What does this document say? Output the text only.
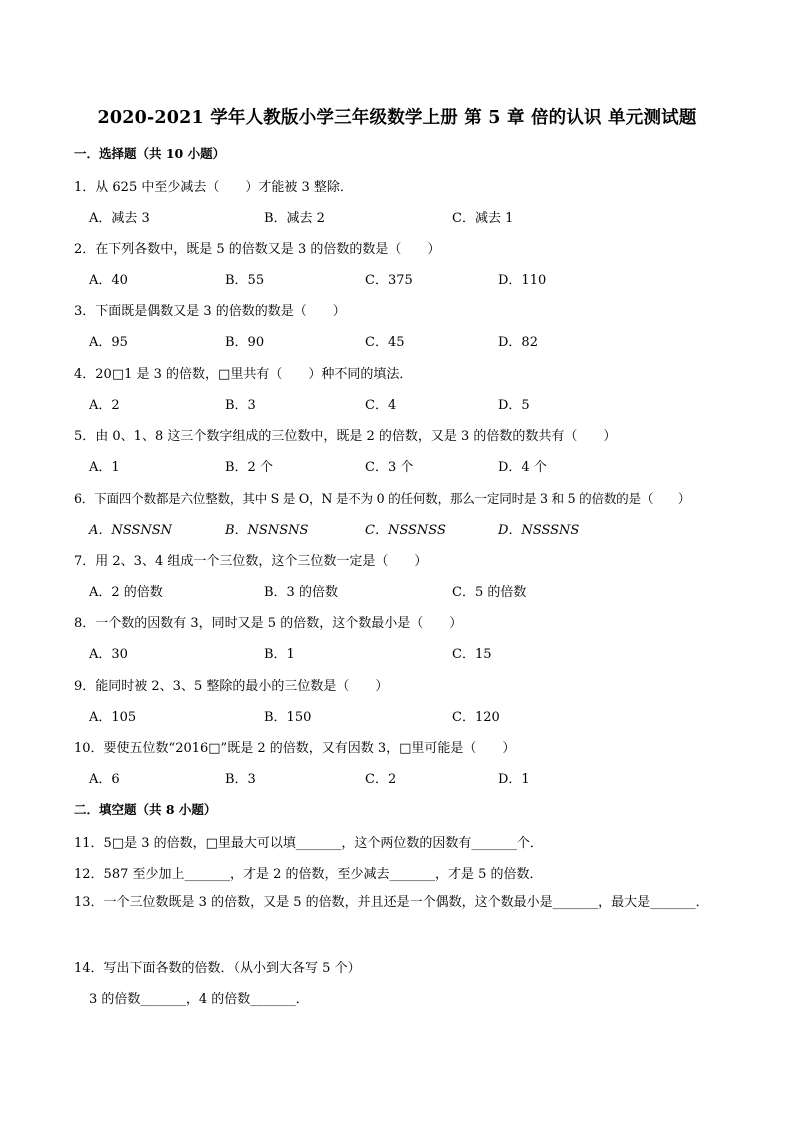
2020-2021 学年人教版小学三年级数学上册 第 5 章 倍的认识 单元测试题
一．选择题（共 10 小题）
1．从 625 中至少减去（　　）才能被 3 整除．
A．减去 3	B．减去 2	C．减去 1
2．在下列各数中，既是 5 的倍数又是 3 的倍数的数是（　　）
A．40	B．55	C．375	D．110
3．下面既是偶数又是 3 的倍数的数是（　　）
A．95	B．90	C．45	D．82
4．20□1 是 3 的倍数，□里共有（　　）种不同的填法．
A．2	B．3	C．4	D．5
5．由 0、1、8 这三个数字组成的三位数中，既是 2 的倍数，又是 3 的倍数的数共有（　　）
A．1	B．2 个	C．3 个	D．4 个
6．下面四个数都是六位整数，其中 S 是 O，N 是不为 0 的任何数，那么一定同时是 3 和 5 的倍数的是（　　）
A．NSSNSN	B．NSNSNS	C．NSSNSS	D．NSSSNS
7．用 2、3、4 组成一个三位数，这个三位数一定是（　　）
A．2 的倍数	B．3 的倍数	C．5 的倍数
8．一个数的因数有 3，同时又是 5 的倍数，这个数最小是（　　）
A．30	B．1	C．15
9．能同时被 2、3、5 整除的最小的三位数是（　　）
A．105	B．150	C．120
10．要使五位数“2016□”既是 2 的倍数，又有因数 3，□里可能是（　　）
A．6	B．3	C．2	D．1
二．填空题（共 8 小题）
11．5□是 3 的倍数，□里最大可以填_______，这个两位数的因数有_______个．
12．587 至少加上_______，才是 2 的倍数，至少减去_______，才是 5 的倍数．
13．一个三位数既是 3 的倍数，又是 5 的倍数，并且还是一个偶数，这个数最小是_______，最大是_______．
14．写出下面各数的倍数．（从小到大各写 5 个）
3 的倍数_______，4 的倍数_______．
